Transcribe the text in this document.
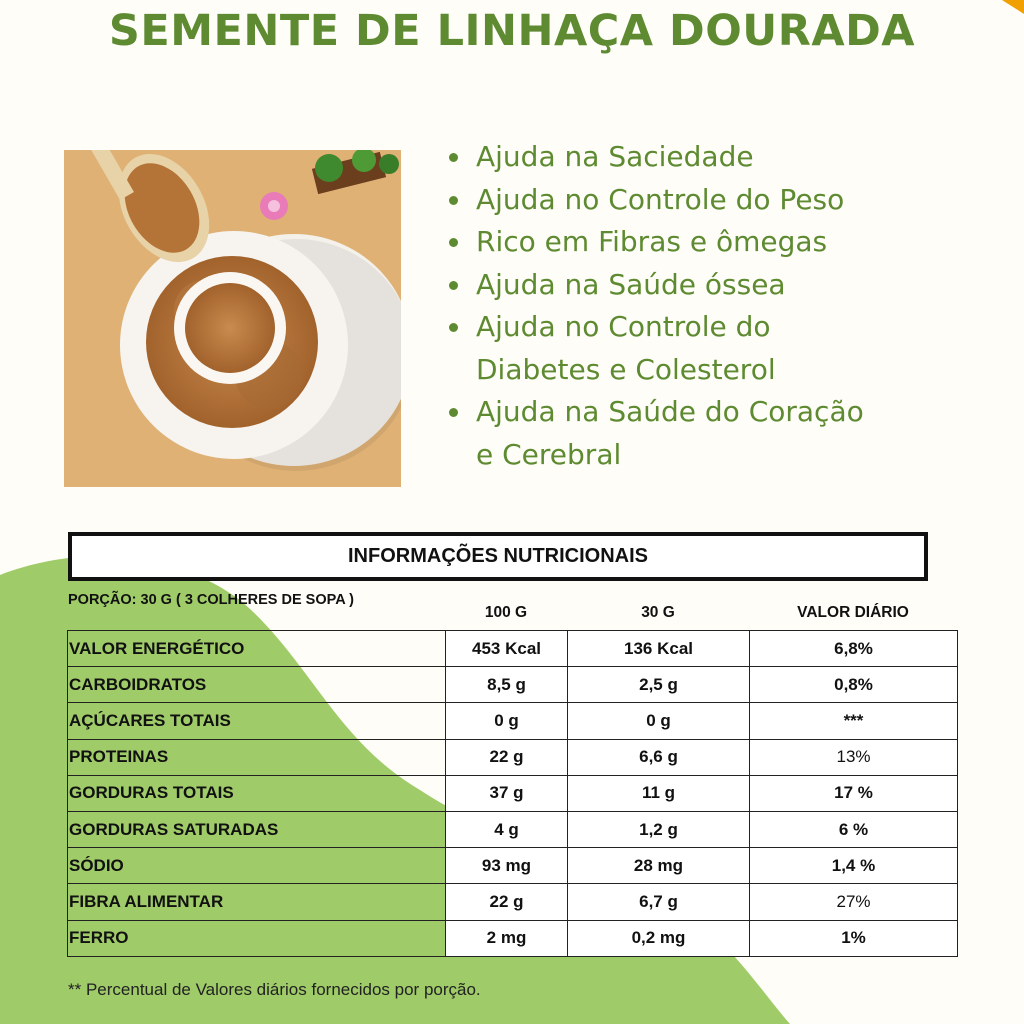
SEMENTE DE LINHAÇA DOURADA
Ajuda na Saciedade
Ajuda no Controle do Peso
Rico em Fibras e ômegas
Ajuda na Saúde óssea
Ajuda no Controle do
Diabetes e Colesterol
Ajuda na Saúde do Coração
e Cerebral
INFORMAÇÕES NUTRICIONAIS
PORÇÃO: 30 G ( 3 COLHERES DE SOPA )
100 G	30 G	VALOR DIÁRIO
VALOR ENERGÉTICO	453 Kcal	136 Kcal	6,8%
CARBOIDRATOS	8,5 g	2,5 g	0,8%
AÇÚCARES TOTAIS	0 g	0 g	***
PROTEINAS	22 g	6,6 g	13%
GORDURAS TOTAIS	37 g	11 g	17 %
GORDURAS SATURADAS	4 g	1,2 g	6 %
SÓDIO	93 mg	28 mg	1,4 %
FIBRA ALIMENTAR	22 g	6,7 g	27%
FERRO	2 mg	0,2 mg	1%
** Percentual de Valores diários fornecidos por porção.
